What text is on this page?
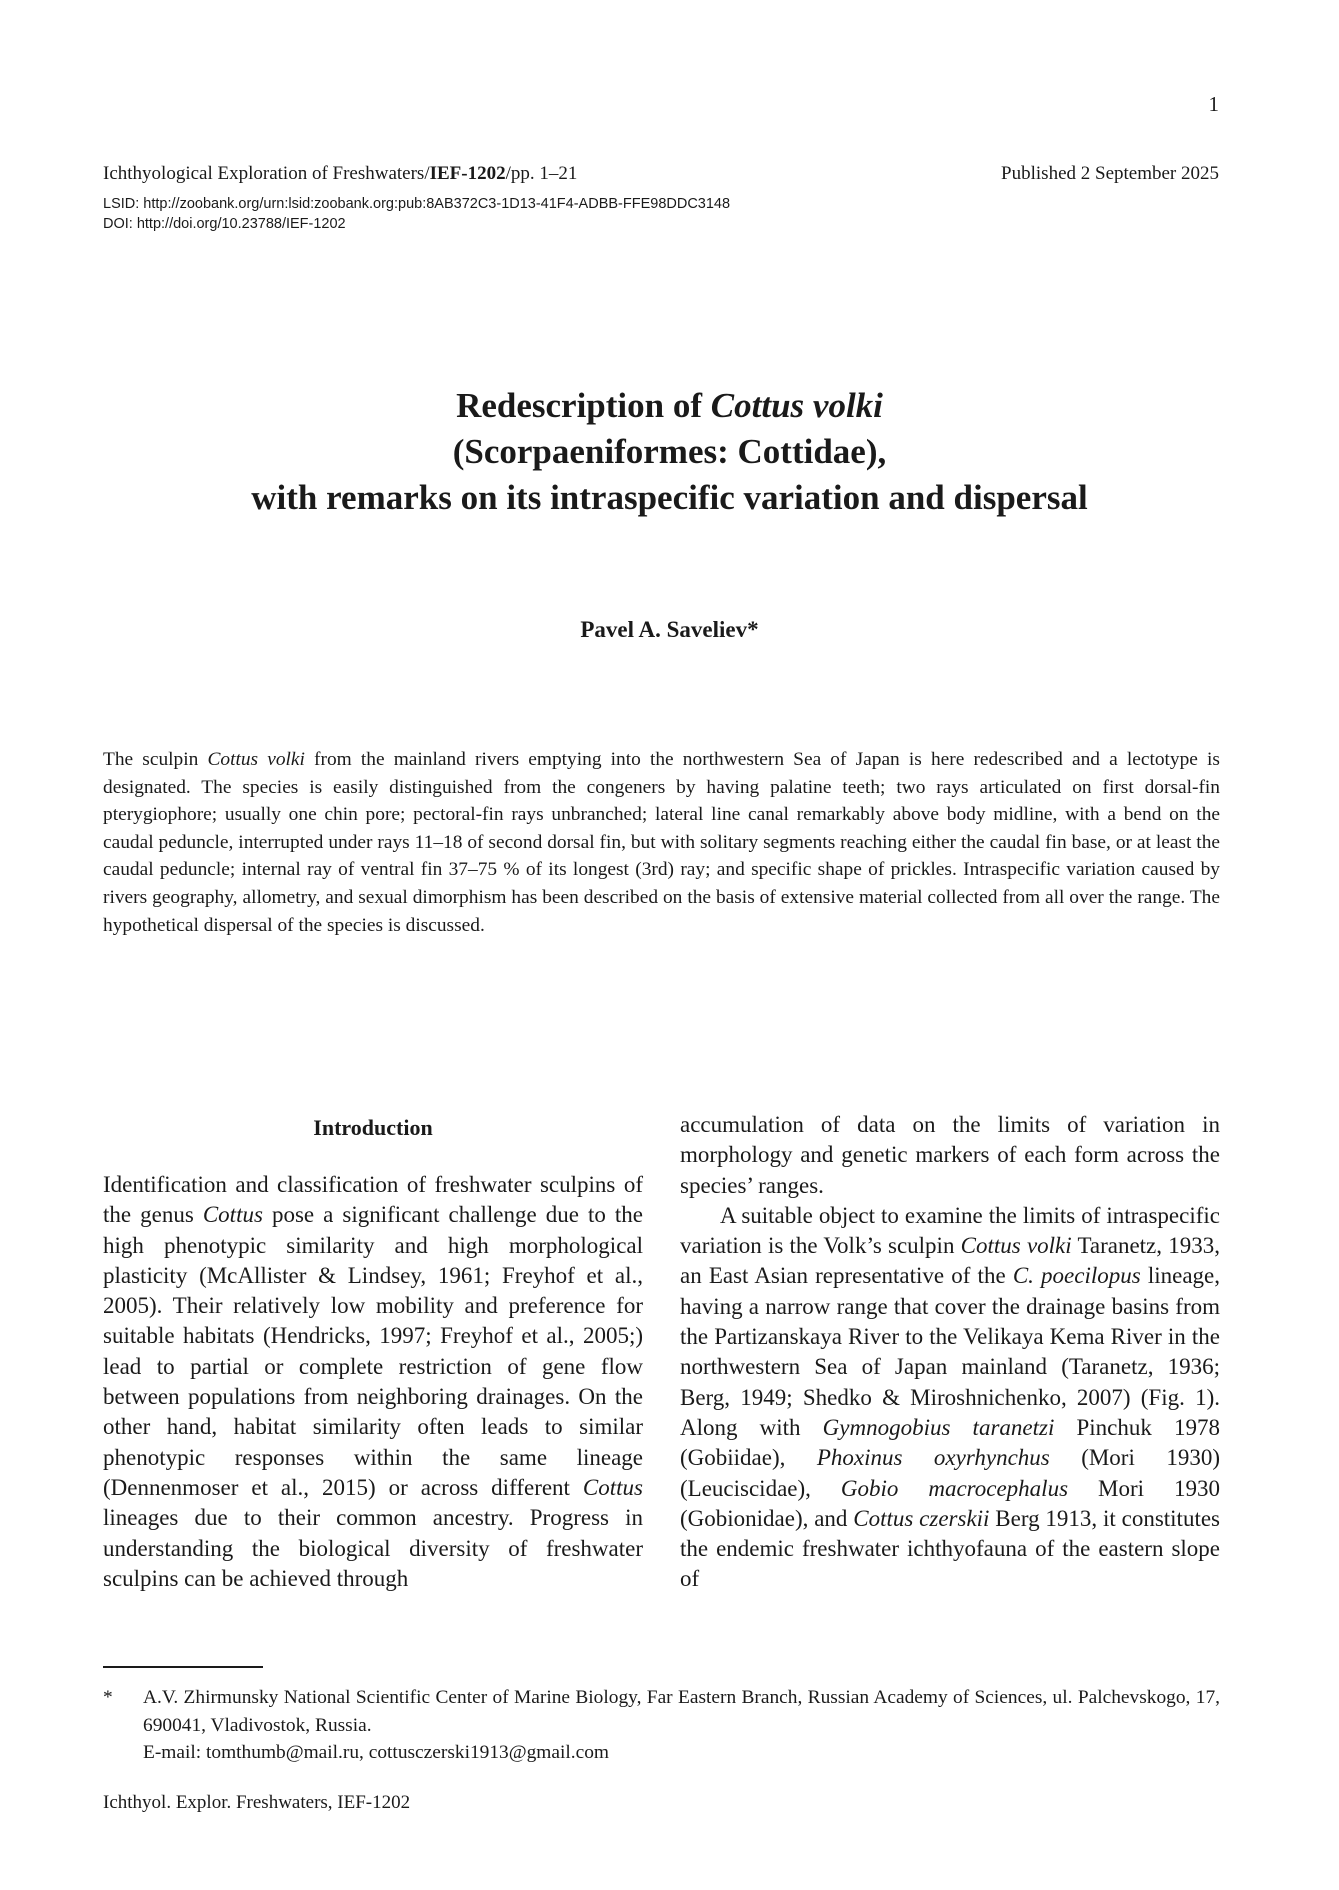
1
Ichthyological Exploration of Freshwaters/IEF-1202/pp. 1–21	Published 2 September 2025
LSID: http://zoobank.org/urn:lsid:zoobank.org:pub:8AB372C3-1D13-41F4-ADBB-FFE98DDC3148
DOI: http://doi.org/10.23788/IEF-1202
Redescription of Cottus volki
(Scorpaeniformes: Cottidae),
with remarks on its intraspecific variation and dispersal
Pavel A. Saveliev*
The sculpin Cottus volki from the mainland rivers emptying into the northwestern Sea of Japan is here redescribed and a lectotype is designated. The species is easily distinguished from the congeners by having palatine teeth; two rays articulated on first dorsal-fin pterygiophore; usually one chin pore; pectoral-fin rays unbranched; lateral line canal remarkably above body midline, with a bend on the caudal peduncle, interrupted under rays 11–18 of second dorsal fin, but with solitary segments reaching either the caudal fin base, or at least the caudal peduncle; internal ray of ventral fin 37–75 % of its longest (3rd) ray; and specific shape of prickles. Intraspecific variation caused by rivers geography, allometry, and sexual dimorphism has been described on the basis of extensive material collected from all over the range. The hypothetical dispersal of the species is discussed.
Introduction

Identification and classification of freshwater sculpins of the genus Cottus pose a significant challenge due to the high phenotypic similarity and high morphological plasticity (McAllister & Lindsey, 1961; Freyhof et al., 2005). Their relatively low mobility and preference for suitable habitats (Hendricks, 1997; Freyhof et al., 2005;) lead to partial or complete restriction of gene flow between populations from neighboring drainages. On the other hand, habitat similarity often leads to similar phenotypic responses within the same lineage (Dennenmoser et al., 2015) or across different Cottus lineages due to their common ancestry. Progress in understanding the biological diversity of freshwater sculpins can be achieved through

accumulation of data on the limits of variation in morphology and genetic markers of each form across the species’ ranges.

A suitable object to examine the limits of intraspecific variation is the Volk’s sculpin Cottus volki Taranetz, 1933, an East Asian representative of the C. poecilopus lineage, having a narrow range that cover the drainage basins from the Partizanskaya River to the Velikaya Kema River in the northwestern Sea of Japan mainland (Taranetz, 1936; Berg, 1949; Shedko & Miroshnichenko, 2007) (Fig. 1). Along with Gymnogobius taranetzi Pinchuk 1978 (Gobiidae), Phoxinus oxyrhynchus (Mori 1930) (Leuciscidae), Gobio macrocephalus Mori 1930 (Gobionidae), and Cottus czerskii Berg 1913, it constitutes the endemic freshwater ichthyofauna of the eastern slope of

* A.V. Zhirmunsky National Scientific Center of Marine Biology, Far Eastern Branch, Russian Academy of Sciences, ul. Palchevskogo, 17, 690041, Vladivostok, Russia.
E-mail: tomthumb@mail.ru, cottusczerski1913@gmail.com
Ichthyol. Explor. Freshwaters, IEF-1202
